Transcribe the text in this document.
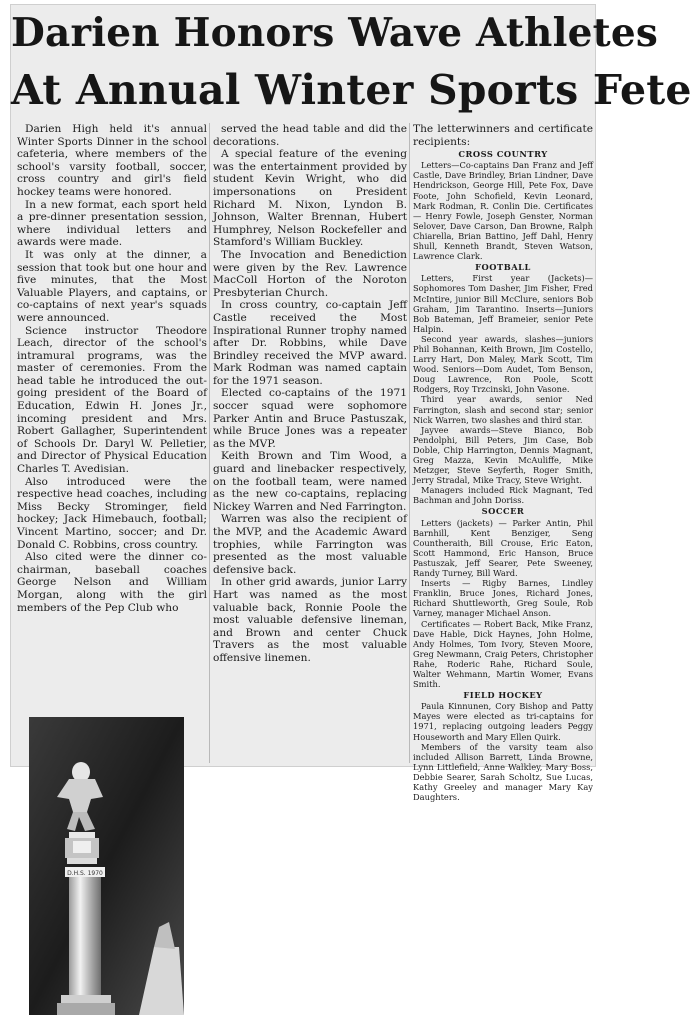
Darien Honors Wave Athletes
At Annual Winter Sports Fete

Darien High held it's annual Winter Sports Dinner in the school cafeteria, where members of the school's varsity football, soccer, cross country and girl's field hockey teams were honored.

In a new format, each sport held a pre-dinner presentation session, where individual letters and awards were made.

It was only at the dinner, a session that took but one hour and five minutes, that the Most Valuable Players, and captains, or co-captains of next year's squads were announced.

Science instructor Theodore Leach, director of the school's intramural programs, was the master of ceremonies. From the head table he introduced the out-going president of the Board of Education, Edwin H. Jones Jr., incoming president and Mrs. Robert Gallagher, Superintendent of Schools Dr. Daryl W. Pelletier, and Director of Physical Education Charles T. Avedisian.

Also introduced were the respective head coaches, including Miss Becky Strominger, field hockey; Jack Himebauch, football; Vincent Martino, soccer; and Dr. Donald C. Robbins, cross country.

Also cited were the dinner co-chairman, baseball coaches George Nelson and William Morgan, along with the girl members of the Pep Club who

served the head table and did the decorations.

A special feature of the evening was the entertainment provided by student Kevin Wright, who did impersonations on President Richard M. Nixon, Lyndon B. Johnson, Walter Brennan, Hubert Humphrey, Nelson Rockefeller and Stamford's William Buckley.

The Invocation and Benediction were given by the Rev. Lawrence MacColl Horton of the Noroton Presbyterian Church.

In cross country, co-captain Jeff Castle received the Most Inspirational Runner trophy named after Dr. Robbins, while Dave Brindley received the MVP award. Mark Rodman was named captain for the 1971 season.

Elected co-captains of the 1971 soccer squad were sophomore Parker Antin and Bruce Pastuszak, while Bruce Jones was a repeater as the MVP.

Keith Brown and Tim Wood, a guard and linebacker respectively, on the football team, were named as the new co-captains, replacing Nickey Warren and Ned Farrington.

Warren was also the recipient of the MVP, and the Academic Award trophies, while Farrington was presented as the most valuable defensive back.

In other grid awards, junior Larry Hart was named as the most valuable back, Ronnie Poole the most valuable defensive lineman, and Brown and center Chuck Travers as the most valuable offensive linemen.

The letterwinners and certificate recipients:
CROSS COUNTRY

Letters—Co-captains Dan Franz and Jeff Castle, Dave Brindley, Brian Lindner, Dave Hendrickson, George Hill, Pete Fox, Dave Foote, John Schofield, Kevin Leonard, Mark Rodman, R. Conlin Die. Certificates — Henry Fowle, Joseph Genster, Norman Selover, Dave Carson, Dan Browne, Ralph Chiarella, Brian Battino, Jeff Dahl, Henry Shull, Kenneth Brandt, Steven Watson, Lawrence Clark.

FOOTBALL

Letters, First year (Jackets)—Sophomores Tom Dasher, Jim Fisher, Fred McIntire, junior Bill McClure, seniors Bob Graham, Jim Tarantino. Inserts—Juniors Bob Bateman, Jeff Brameier, senior Pete Halpin.

Second year awards, slashes—juniors Phil Bohannan, Keith Brown, Jim Costello, Larry Hart, Don Maley, Mark Scott, Tim Wood. Seniors—Dom Audet, Tom Benson, Doug Lawrence, Ron Poole, Scott Rodgers, Roy Trzcinski, John Vasone.

Third year awards, senior Ned Farrington, slash and second star; senior Nick Warren, two slashes and third star.

Jayvee awards—Steve Bianco, Bob Pendolphi, Bill Peters, Jim Case, Bob Doble, Chip Harrington, Dennis Magnant, Greg Mazza, Kevin McAuliffe, Mike Metzger, Steve Seyferth, Roger Smith, Jerry Stradal, Mike Tracy, Steve Wright.

Managers included Rick Magnant, Ted Bachman and John Doriss.

SOCCER

Letters (jackets) — Parker Antin, Phil Barnhill, Kent Benziger, Seng Countheraith, Bill Crouse, Eric Eaton, Scott Hammond, Eric Hanson, Bruce Pastuszak, Jeff Searer, Pete Sweeney, Randy Turney, Bill Ward.

Inserts — Rigby Barnes, Lindley Franklin, Bruce Jones, Richard Jones, Richard Shuttleworth, Greg Soule, Rob Varney, manager Michael Anson.

Certificates — Robert Back, Mike Franz, Dave Hable, Dick Haynes, John Holme, Andy Holmes, Tom Ivory, Steven Moore, Greg Newmann, Craig Peters, Christopher Rahe, Roderic Rahe, Richard Soule, Walter Wehmann, Martin Womer, Evans Smith.

FIELD HOCKEY

Paula Kinnunen, Cory Bishop and Patty Mayes were elected as tri-captains for 1971, replacing outgoing leaders Peggy Houseworth and Mary Ellen Quirk.

Members of the varsity team also included Allison Barrett, Linda Browne, Lynn Littlefield, Anne Walkley, Mary Boss, Debbie Searer, Sarah Scholtz, Sue Lucas, Kathy Greeley and manager Mary Kay Daughters.

D.H.S. 1970
